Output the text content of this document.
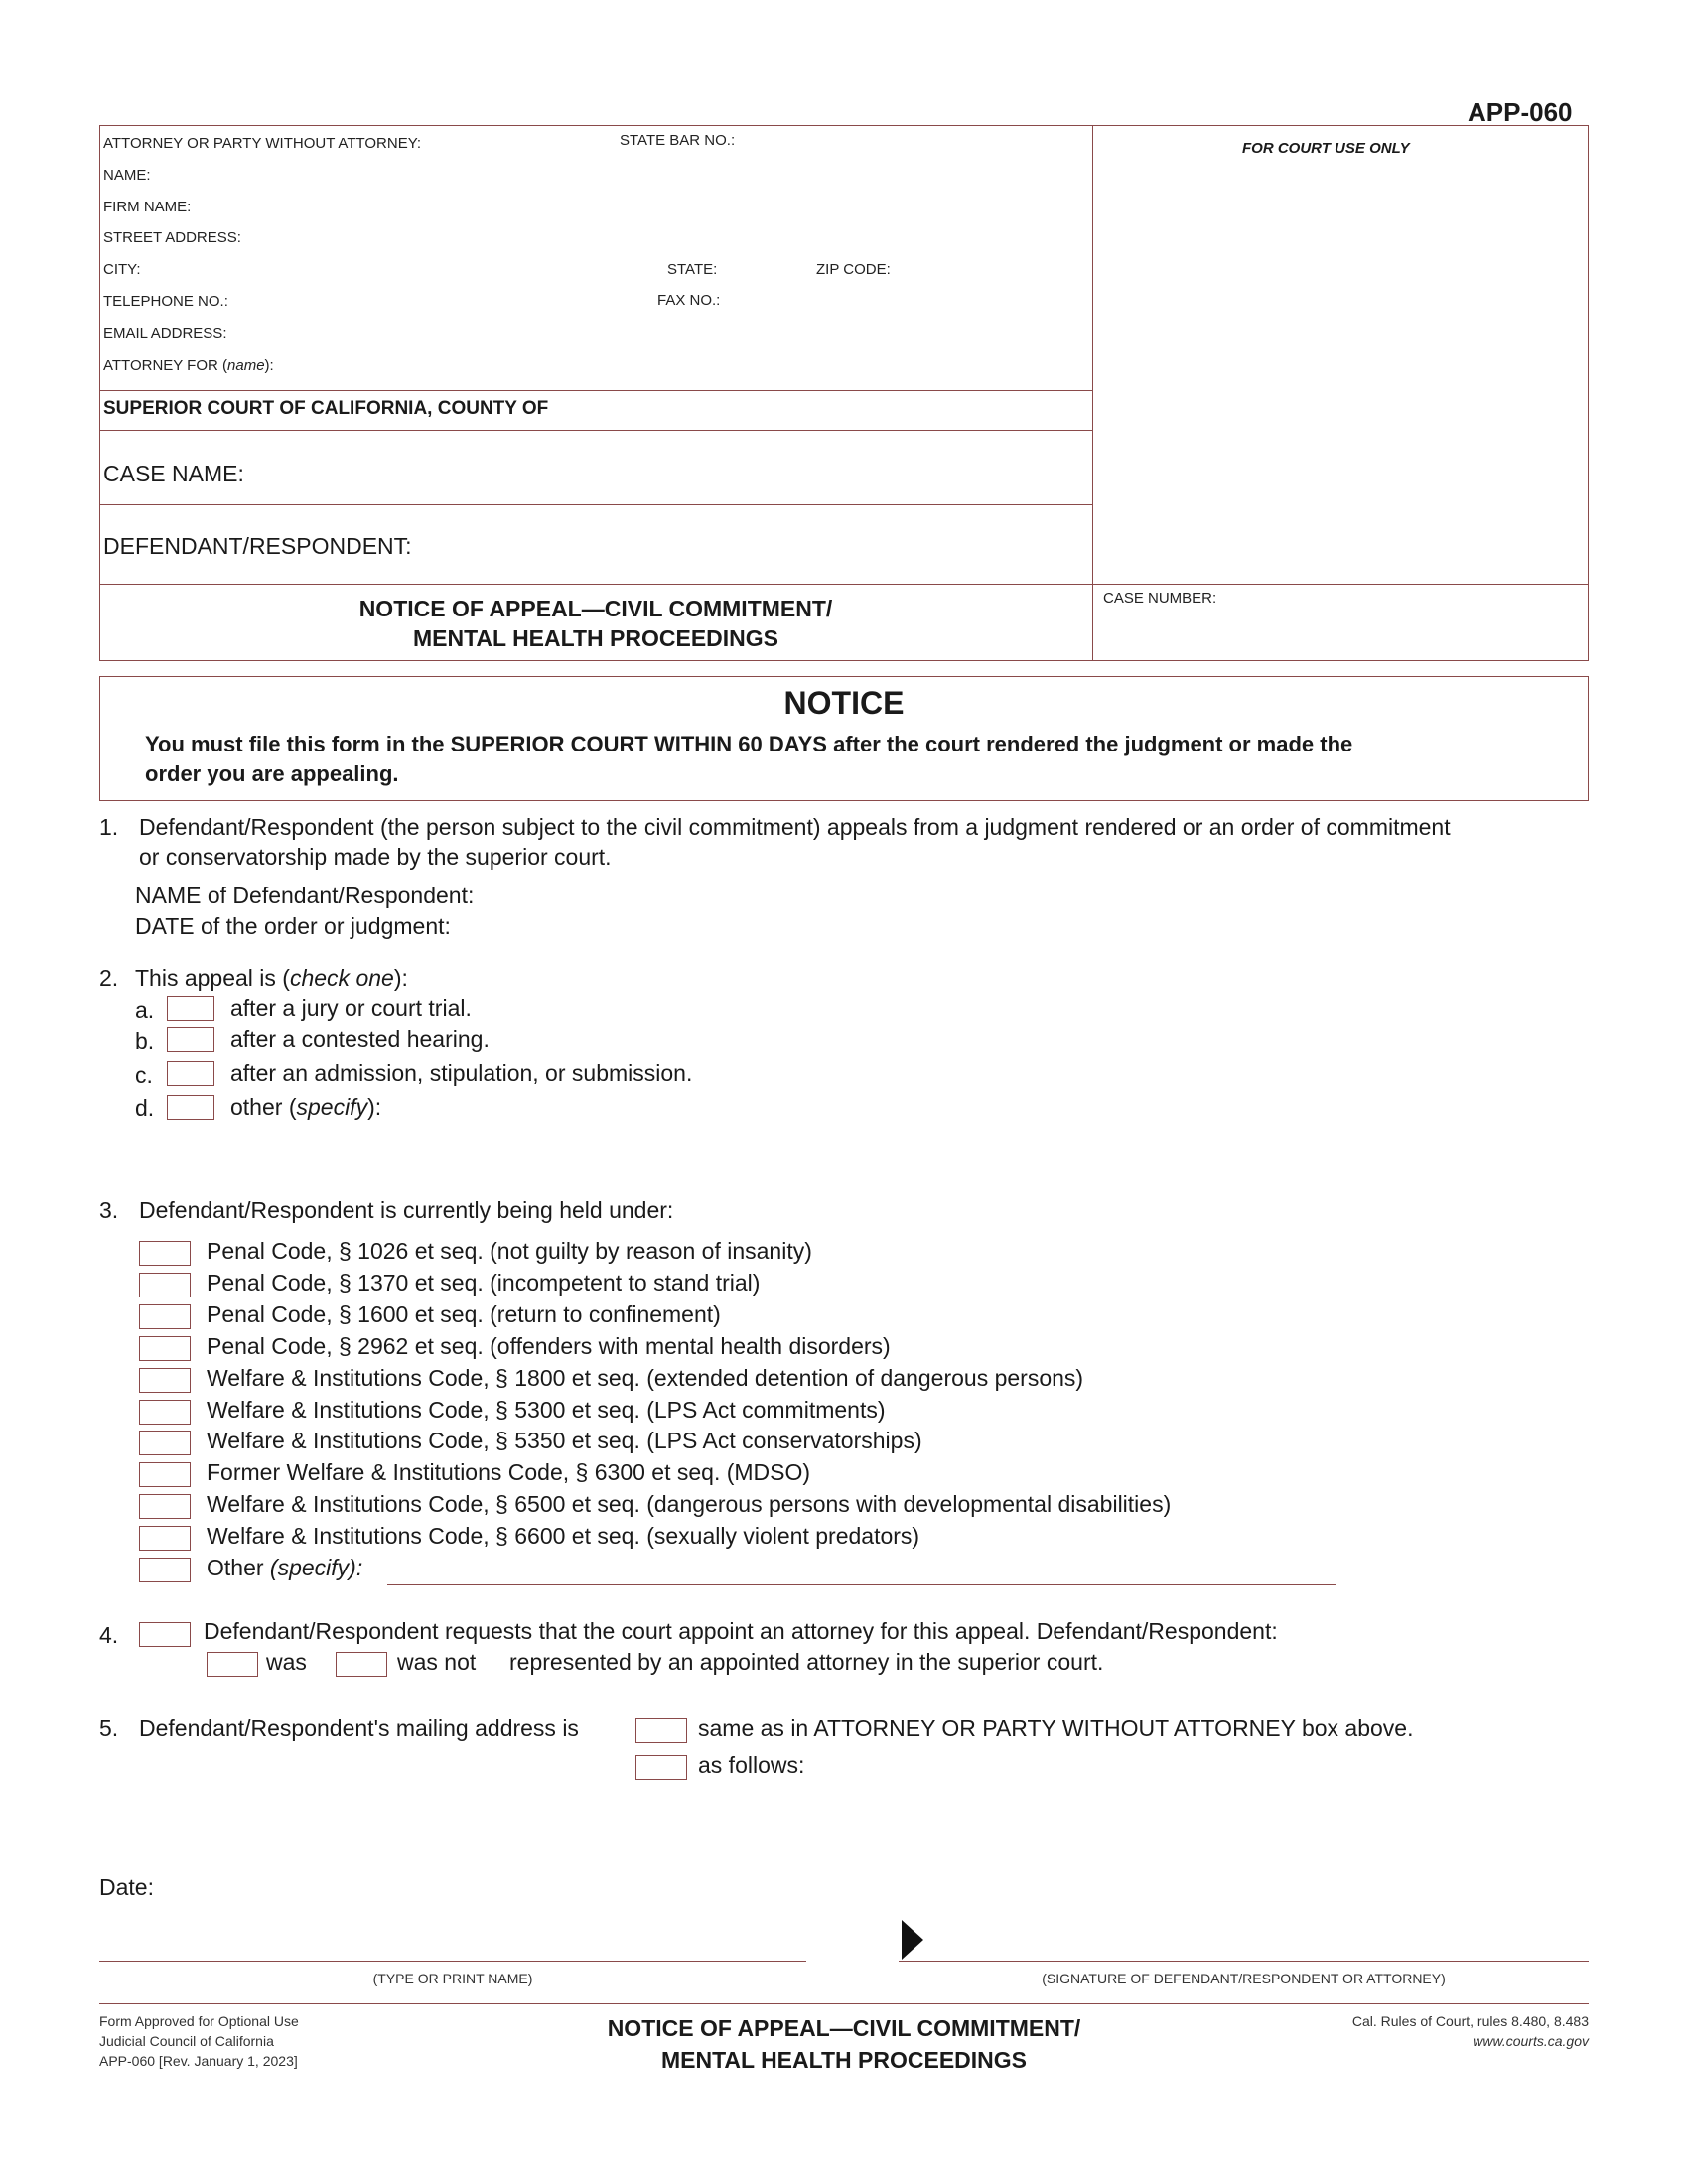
APP-060
ATTORNEY OR PARTY WITHOUT ATTORNEY:	STATE BAR NO.:
NAME:
FIRM NAME:
STREET ADDRESS:
CITY:	STATE:	ZIP CODE:
TELEPHONE NO.:	FAX NO.:
EMAIL ADDRESS:
ATTORNEY FOR (name):
FOR COURT USE ONLY
SUPERIOR COURT OF CALIFORNIA, COUNTY OF
CASE NAME:
DEFENDANT/RESPONDENT:
NOTICE OF APPEAL—CIVIL COMMITMENT/
MENTAL HEALTH PROCEEDINGS
CASE NUMBER:
NOTICE
You must file this form in the SUPERIOR COURT WITHIN 60 DAYS after the court rendered the judgment or made the
order you are appealing.
1. Defendant/Respondent (the person subject to the civil commitment) appeals from a judgment rendered or an order of commitment
or conservatorship made by the superior court.
NAME of Defendant/Respondent:
DATE of the order or judgment:
2. This appeal is (check one):
a.	after a jury or court trial.
b.	after a contested hearing.
c.	after an admission, stipulation, or submission.
d.	other (specify):
3. Defendant/Respondent is currently being held under:
Penal Code, § 1026 et seq. (not guilty by reason of insanity)
Penal Code, § 1370 et seq. (incompetent to stand trial)
Penal Code, § 1600 et seq. (return to confinement)
Penal Code, § 2962 et seq. (offenders with mental health disorders)
Welfare & Institutions Code, § 1800 et seq. (extended detention of dangerous persons)
Welfare & Institutions Code, § 5300 et seq. (LPS Act commitments)
Welfare & Institutions Code, § 5350 et seq. (LPS Act conservatorships)
Former Welfare & Institutions Code, § 6300 et seq. (MDSO)
Welfare & Institutions Code, § 6500 et seq. (dangerous persons with developmental disabilities)
Welfare & Institutions Code, § 6600 et seq. (sexually violent predators)
Other (specify):
4.	Defendant/Respondent requests that the court appoint an attorney for this appeal. Defendant/Respondent:
was	was not represented by an appointed attorney in the superior court.
5. Defendant/Respondent's mailing address is	same as in ATTORNEY OR PARTY WITHOUT ATTORNEY box above.
as follows:
Date:
(TYPE OR PRINT NAME)	(SIGNATURE OF DEFENDANT/RESPONDENT OR ATTORNEY)
Form Approved for Optional Use
Judicial Council of California
APP-060 [Rev. January 1, 2023]
NOTICE OF APPEAL—CIVIL COMMITMENT/
MENTAL HEALTH PROCEEDINGS
Cal. Rules of Court, rules 8.480, 8.483
www.courts.ca.gov
